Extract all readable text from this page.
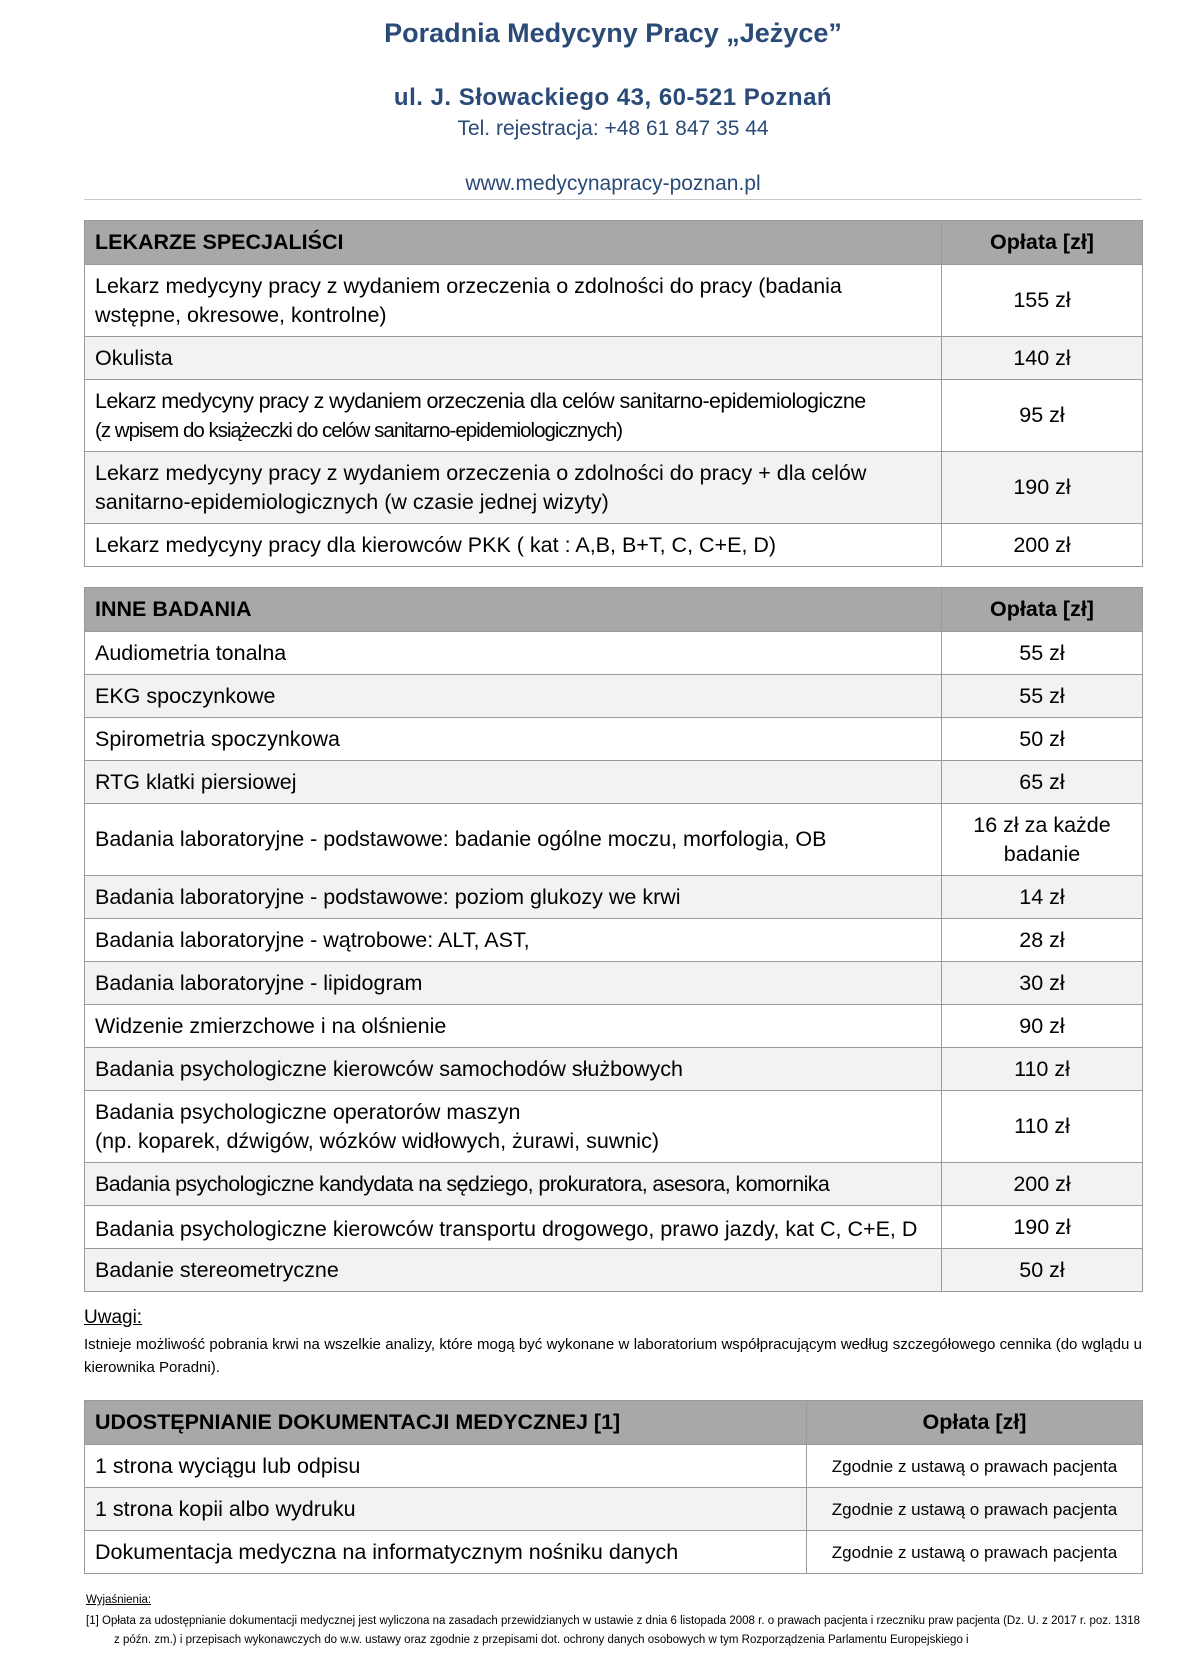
Poradnia Medycyny Pracy „Jeżyce”
ul. J. Słowackiego 43, 60-521 Poznań
Tel. rejestracja: +48 61 847 35 44
www.medycynapracy-poznan.pl
LEKARZE SPECJALIŚCI	Opłata [zł]
Lekarz medycyny pracy z wydaniem orzeczenia o zdolności do pracy (badania wstępne, okresowe, kontrolne)	155 zł
Okulista	140 zł

Lekarz medycyny pracy z wydaniem orzeczenia dla celów sanitarno-epidemiologiczne
(z wpisem do książeczki do celów sanitarno-epidemiologicznych)	95 zł
Lekarz medycyny pracy z wydaniem orzeczenia o zdolności do pracy + dla celów sanitarno-epidemiologicznych (w czasie jednej wizyty)	190 zł
Lekarz medycyny pracy dla kierowców PKK ( kat : A,B, B+T, C, C+E, D)	200 zł
INNE BADANIA	Opłata [zł]
Audiometria tonalna	55 zł
EKG spoczynkowe	55 zł
Spirometria spoczynkowa	50 zł
RTG klatki piersiowej	65 zł
Badania laboratoryjne - podstawowe: badanie ogólne moczu, morfologia, OB	16 zł za każde badanie
Badania laboratoryjne - podstawowe: poziom glukozy we krwi	14 zł
Badania laboratoryjne - wątrobowe: ALT, AST,	28 zł
Badania laboratoryjne - lipidogram	30 zł
Widzenie zmierzchowe i na olśnienie	90 zł
Badania psychologiczne kierowców samochodów służbowych	110 zł

Badania psychologiczne operatorów maszyn
(np. koparek, dźwigów, wózków widłowych, żurawi, suwnic)	110 zł
Badania psychologiczne kandydata na sędziego, prokuratora, asesora, komornika	200 zł

Badania psychologiczne kierowców transportu drogowego, prawo jazdy, kat C, C+E, D	190 zł
Badanie stereometryczne	50 zł
Uwagi:
Istnieje możliwość pobrania krwi na wszelkie analizy, które mogą być wykonane w laboratorium współpracującym według szczegółowego cennika (do wglądu u kierownika Poradni).
UDOSTĘPNIANIE DOKUMENTACJI MEDYCZNEJ [1]	Opłata [zł]
1 strona wyciągu lub odpisu	Zgodnie z ustawą o prawach pacjenta
1 strona kopii albo wydruku	Zgodnie z ustawą o prawach pacjenta
Dokumentacja medyczna na informatycznym nośniku danych	Zgodnie z ustawą o prawach pacjenta
Wyjaśnienia:
[1] Opłata za udostępnianie dokumentacji medycznej jest wyliczona na zasadach przewidzianych w ustawie z dnia 6 listopada 2008 r. o prawach pacjenta i rzeczniku praw pacjenta (Dz. U. z 2017 r. poz. 1318 z późn. zm.) i przepisach wykonawczych do w.w. ustawy oraz zgodnie z przepisami dot. ochrony danych osobowych w tym Rozporządzenia Parlamentu Europejskiego i
